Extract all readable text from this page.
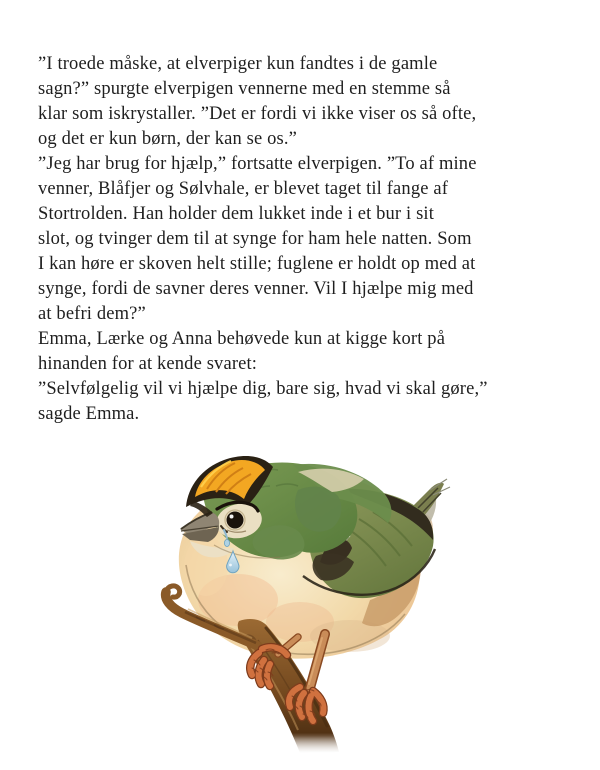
”I troede måske, at elverpiger kun fandtes i de gamle
sagn?” spurgte elverpigen vennerne med en stemme så
klar som iskrystaller. ”Det er fordi vi ikke viser os så ofte,
og det er kun børn, der kan se os.”
”Jeg har brug for hjælp,” fortsatte elverpigen. ”To af mine
venner, Blåfjer og Sølvhale, er blevet taget til fange af
Stortrolden. Han holder dem lukket inde i et bur i sit
slot, og tvinger dem til at synge for ham hele natten. Som
I kan høre er skoven helt stille; fuglene er holdt op med at
synge, fordi de savner deres venner. Vil I hjælpe mig med
at befri dem?”
Emma, Lærke og Anna behøvede kun at kigge kort på
hinanden for at kende svaret:
”Selvfølgelig vil vi hjælpe dig, bare sig, hvad vi skal gøre,”
sagde Emma.
